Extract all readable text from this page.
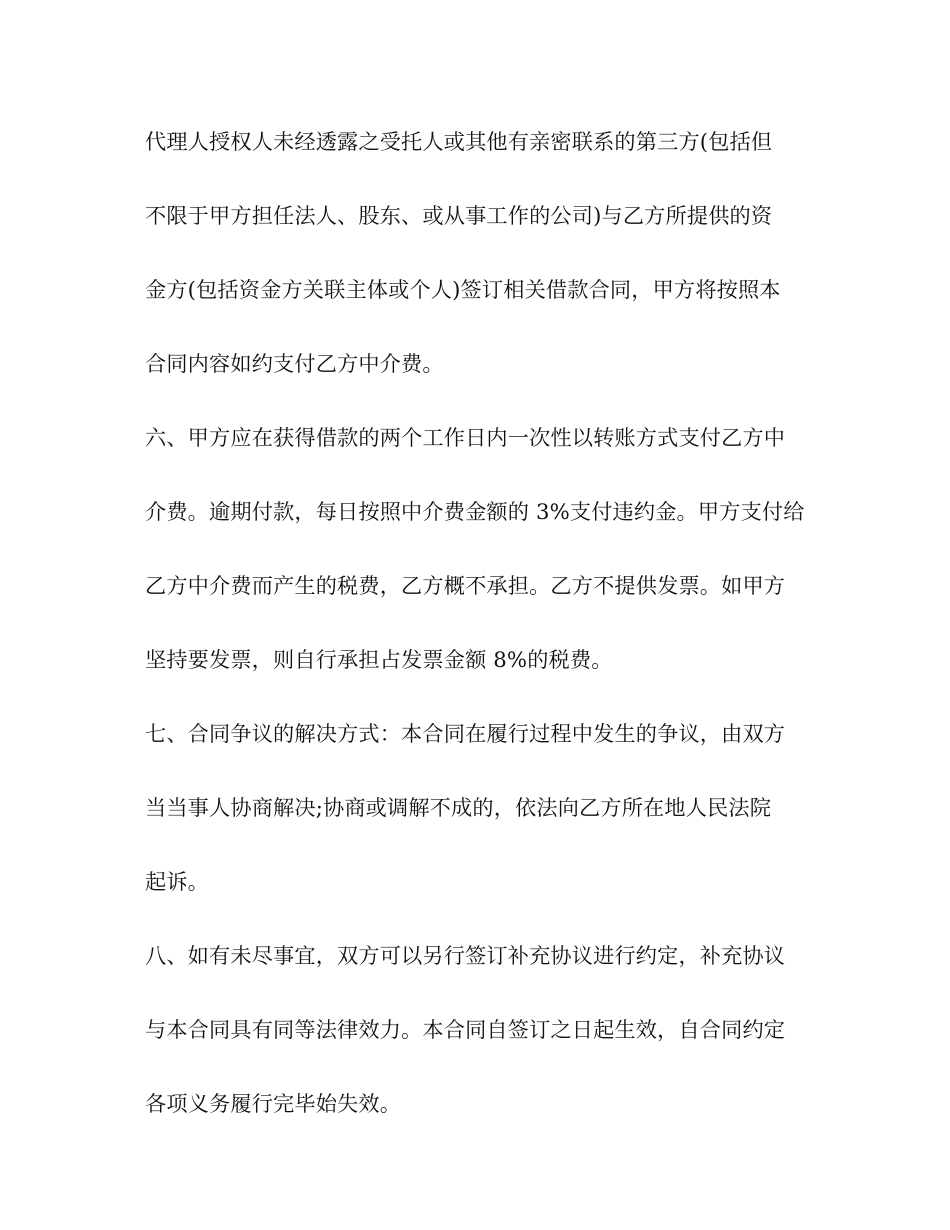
代理人授权人未经透露之受托人或其他有亲密联系的第三方(包括但
不限于甲方担任法人、股东、或从事工作的公司)与乙方所提供的资
金方(包括资金方关联主体或个人)签订相关借款合同，甲方将按照本
合同内容如约支付乙方中介费。
六、甲方应在获得借款的两个工作日内一次性以转账方式支付乙方中
介费。逾期付款，每日按照中介费金额的 3%支付违约金。甲方支付给
乙方中介费而产生的税费，乙方概不承担。乙方不提供发票。如甲方
坚持要发票，则自行承担占发票金额 8%的税费。
七、合同争议的解决方式：本合同在履行过程中发生的争议，由双方
当当事人协商解决;协商或调解不成的，依法向乙方所在地人民法院
起诉。
八、如有未尽事宜，双方可以另行签订补充协议进行约定，补充协议
与本合同具有同等法律效力。本合同自签订之日起生效，自合同约定
各项义务履行完毕始失效。
